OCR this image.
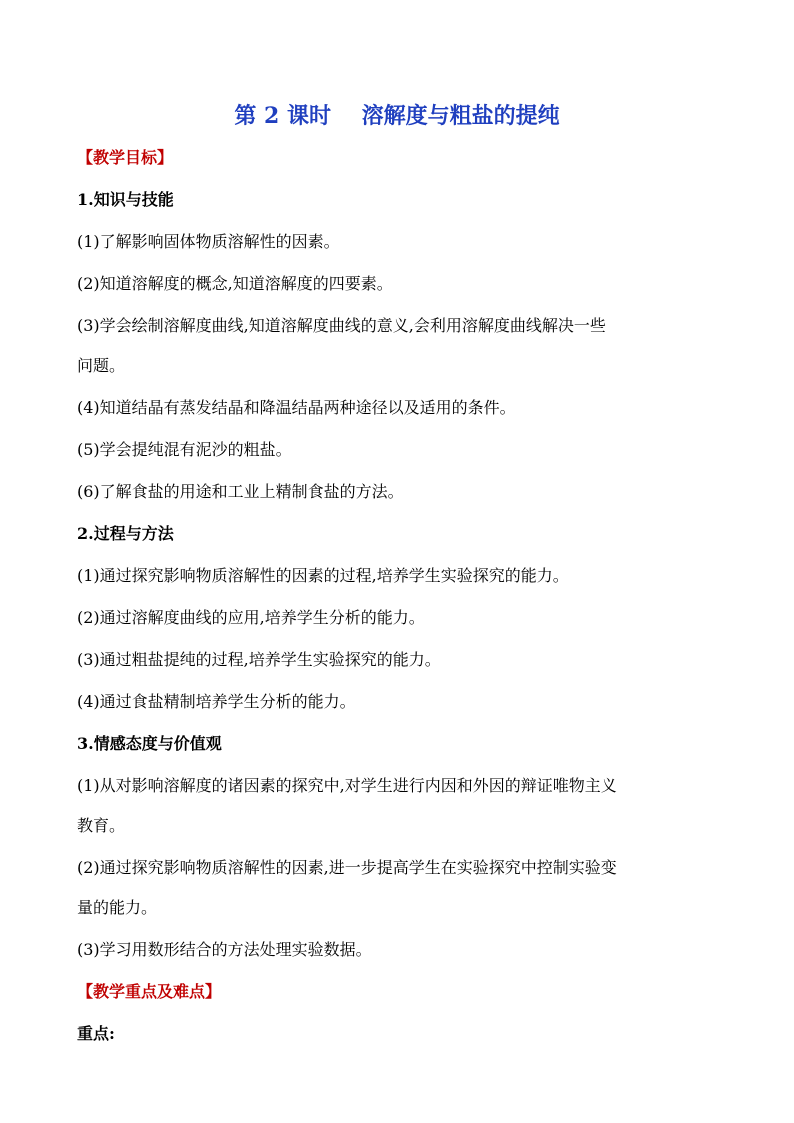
第 2 课时    溶解度与粗盐的提纯
【教学目标】
1.知识与技能
(1)了解影响固体物质溶解性的因素。
(2)知道溶解度的概念,知道溶解度的四要素。
(3)学会绘制溶解度曲线,知道溶解度曲线的意义,会利用溶解度曲线解决一些
问题。
(4)知道结晶有蒸发结晶和降温结晶两种途径以及适用的条件。
(5)学会提纯混有泥沙的粗盐。
(6)了解食盐的用途和工业上精制食盐的方法。
2.过程与方法
(1)通过探究影响物质溶解性的因素的过程,培养学生实验探究的能力。
(2)通过溶解度曲线的应用,培养学生分析的能力。
(3)通过粗盐提纯的过程,培养学生实验探究的能力。
(4)通过食盐精制培养学生分析的能力。
3.情感态度与价值观
(1)从对影响溶解度的诸因素的探究中,对学生进行内因和外因的辩证唯物主义
教育。
(2)通过探究影响物质溶解性的因素,进一步提高学生在实验探究中控制实验变
量的能力。
(3)学习用数形结合的方法处理实验数据。
【教学重点及难点】
重点:
